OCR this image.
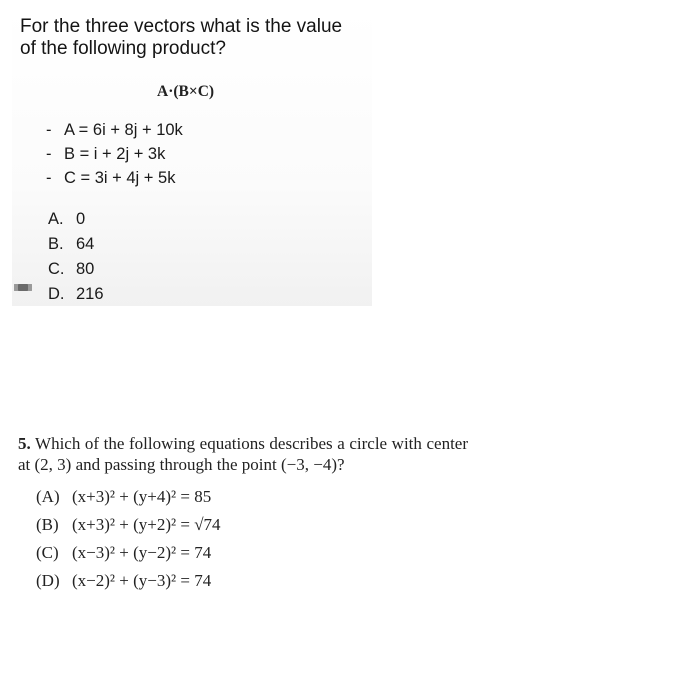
For the three vectors what is the value
of the following product?
A·(B×C)
- A = 6i + 8j + 10k
- B = i + 2j + 3k
- C = 3i + 4j + 5k
A. 0
B. 64
C. 80
D. 216
5. Which of the following equations describes a circle with center at (2, 3) and passing through the point (−3, −4)?
(A) (x+3)² + (y+4)² = 85
(B) (x+3)² + (y+2)² = √74
(C) (x−3)² + (y−2)² = 74
(D) (x−2)² + (y−3)² = 74
